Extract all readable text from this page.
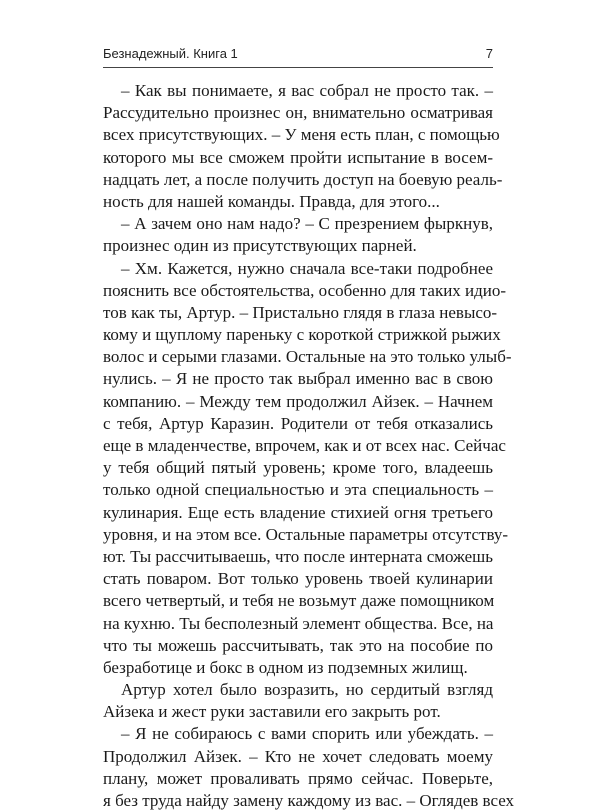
Безнадежный. Книга 1	7
– Как вы понимаете, я вас собрал не просто так. –
Рассудительно произнес он, внимательно осматривая
всех присутствующих. – У меня есть план, с помощью
которого мы все сможем пройти испытание в восем-
надцать лет, а после получить доступ на боевую реаль-
ность для нашей команды. Правда, для этого...
– А зачем оно нам надо? – С презрением фыркнув,
произнес один из присутствующих парней.
– Хм. Кажется, нужно сначала все-таки подробнее
пояснить все обстоятельства, особенно для таких идио-
тов как ты, Артур. – Пристально глядя в глаза невысо-
кому и щуплому пареньку с короткой стрижкой рыжих
волос и серыми глазами. Остальные на это только улыб-
нулись. – Я не просто так выбрал именно вас в свою
компанию. – Между тем продолжил Айзек. – Начнем
с тебя, Артур Каразин. Родители от тебя отказались
еще в младенчестве, впрочем, как и от всех нас. Сейчас
у тебя общий пятый уровень; кроме того, владеешь
только одной специальностью и эта специальность –
кулинария. Еще есть владение стихией огня третьего
уровня, и на этом все. Остальные параметры отсутству-
ют. Ты рассчитываешь, что после интерната сможешь
стать поваром. Вот только уровень твоей кулинарии
всего четвертый, и тебя не возьмут даже помощником
на кухню. Ты бесполезный элемент общества. Все, на
что ты можешь рассчитывать, так это на пособие по
безработице и бокс в одном из подземных жилищ.
Артур хотел было возразить, но сердитый взгляд
Айзека и жест руки заставили его закрыть рот.
– Я не собираюсь с вами спорить или убеждать. –
Продолжил Айзек. – Кто не хочет следовать моему
плану, может проваливать прямо сейчас. Поверьте,
я без труда найду замену каждому из вас. – Оглядев всех
